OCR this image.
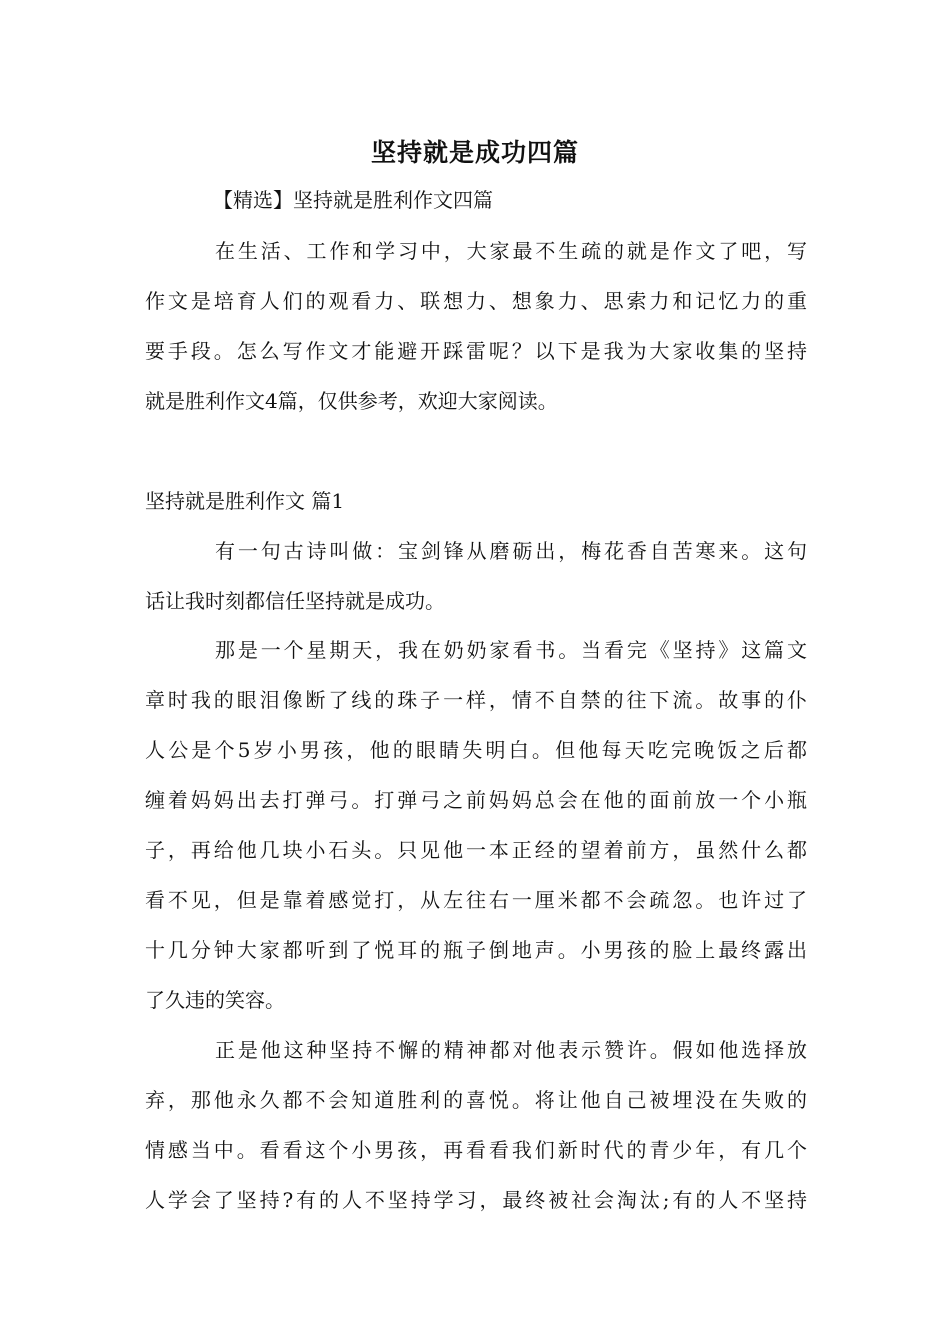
坚持就是成功四篇
【精选】坚持就是胜利作文四篇
在生活、工作和学习中，大家最不生疏的就是作文了吧，写
作文是培育人们的观看力、联想力、想象力、思索力和记忆力的重
要手段。怎么写作文才能避开踩雷呢？以下是我为大家收集的坚持
就是胜利作文4篇，仅供参考，欢迎大家阅读。
坚持就是胜利作文 篇1
有一句古诗叫做：宝剑锋从磨砺出，梅花香自苦寒来。这句
话让我时刻都信任坚持就是成功。
那是一个星期天，我在奶奶家看书。当看完《坚持》这篇文
章时我的眼泪像断了线的珠子一样，情不自禁的往下流。故事的仆
人公是个5岁小男孩，他的眼睛失明白。但他每天吃完晚饭之后都
缠着妈妈出去打弹弓。打弹弓之前妈妈总会在他的面前放一个小瓶
子，再给他几块小石头。只见他一本正经的望着前方，虽然什么都
看不见，但是靠着感觉打，从左往右一厘米都不会疏忽。也许过了
十几分钟大家都听到了悦耳的瓶子倒地声。小男孩的脸上最终露出
了久违的笑容。
正是他这种坚持不懈的精神都对他表示赞许。假如他选择放
弃，那他永久都不会知道胜利的喜悦。将让他自己被埋没在失败的
情感当中。看看这个小男孩，再看看我们新时代的青少年，有几个
人学会了坚持?有的人不坚持学习，最终被社会淘汰;有的人不坚持
